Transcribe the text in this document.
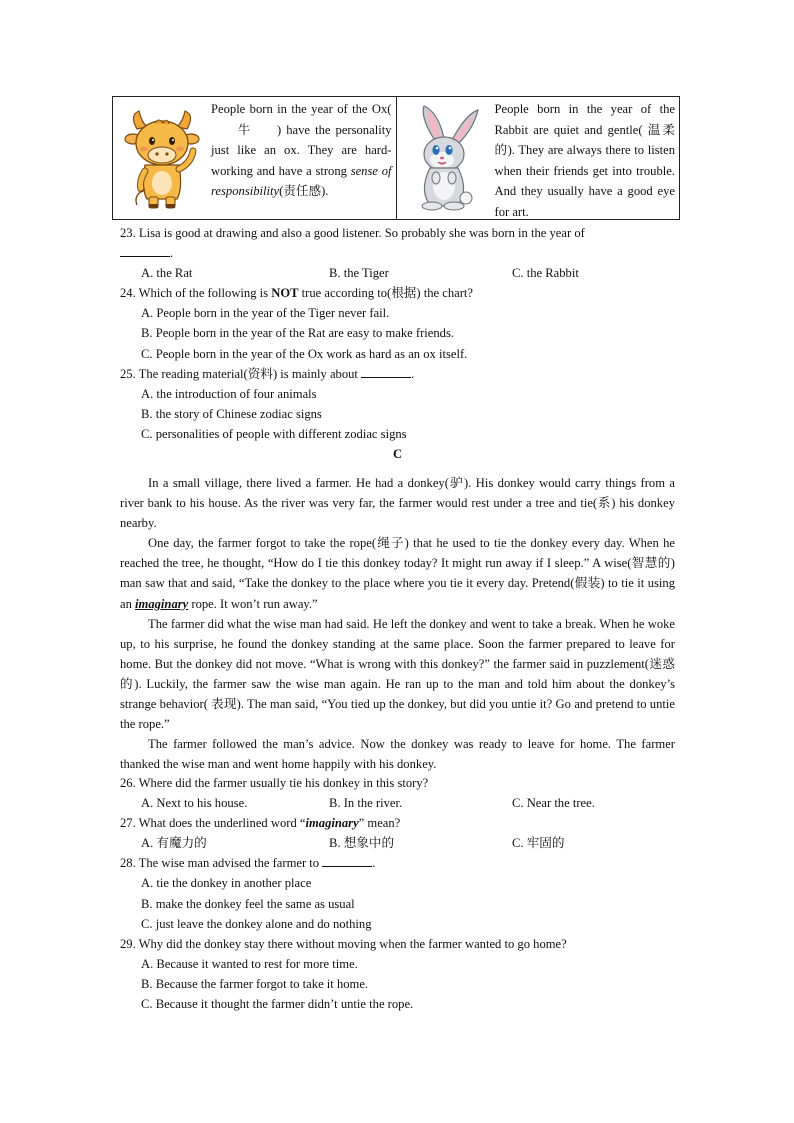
People born in the year of the Ox(牛 ) have the personality just like an ox. They are hard-working and have a strong sense of responsibility(责任感).
People born in the year of the Rabbit are quiet and gentle( 温柔的). They are always there to listen when their friends get into trouble. And they usually have a good eye for art.
23. Lisa is good at drawing and also a good listener. So probably she was born in the year of
.
A. the Rat	B. the Tiger	C. the Rabbit
24. Which of the following is NOT true according to(根据) the chart?
A. People born in the year of the Tiger never fail.
B. People born in the year of the Rat are easy to make friends.
C. People born in the year of the Ox work as hard as an ox itself.
25. The reading material(资料) is mainly about	.
A. the introduction of four animals
B. the story of Chinese zodiac signs
C. personalities of people with different zodiac signs
C
In a small village, there lived a farmer. He had a donkey(驴). His donkey would carry things from a river bank to his house. As the river was very far, the farmer would rest under a tree and tie(系) his donkey nearby.
One day, the farmer forgot to take the rope(绳子) that he used to tie the donkey every day. When he reached the tree, he thought, “How do I tie this donkey today? It might run away if I sleep.” A wise(智慧的) man saw that and said, “Take the donkey to the place where you tie it every day. Pretend(假装) to tie it using an imaginary rope. It won’t run away.”
The farmer did what the wise man had said. He left the donkey and went to take a break. When he woke up, to his surprise, he found the donkey standing at the same place. Soon the farmer prepared to leave for home. But the donkey did not move. “What is wrong with this donkey?” the farmer said in puzzlement(迷惑的). Luckily, the farmer saw the wise man again. He ran up to the man and told him about the donkey’s strange behavior( 表现). The man said, “You tied up the donkey, but did you untie it? Go and pretend to untie the rope.”
The farmer followed the man’s advice. Now the donkey was ready to leave for home. The farmer thanked the wise man and went home happily with his donkey.
26. Where did the farmer usually tie his donkey in this story?
A. Next to his house.	B. In the river.	C. Near the tree.
27. What does the underlined word “imaginary” mean?
A. 有魔力的	B. 想象中的	C. 牢固的
28. The wise man advised the farmer to	.
A. tie the donkey in another place
B. make the donkey feel the same as usual
C. just leave the donkey alone and do nothing
29. Why did the donkey stay there without moving when the farmer wanted to go home?
A. Because it wanted to rest for more time.
B. Because the farmer forgot to take it home.
C. Because it thought the farmer didn’t untie the rope.
